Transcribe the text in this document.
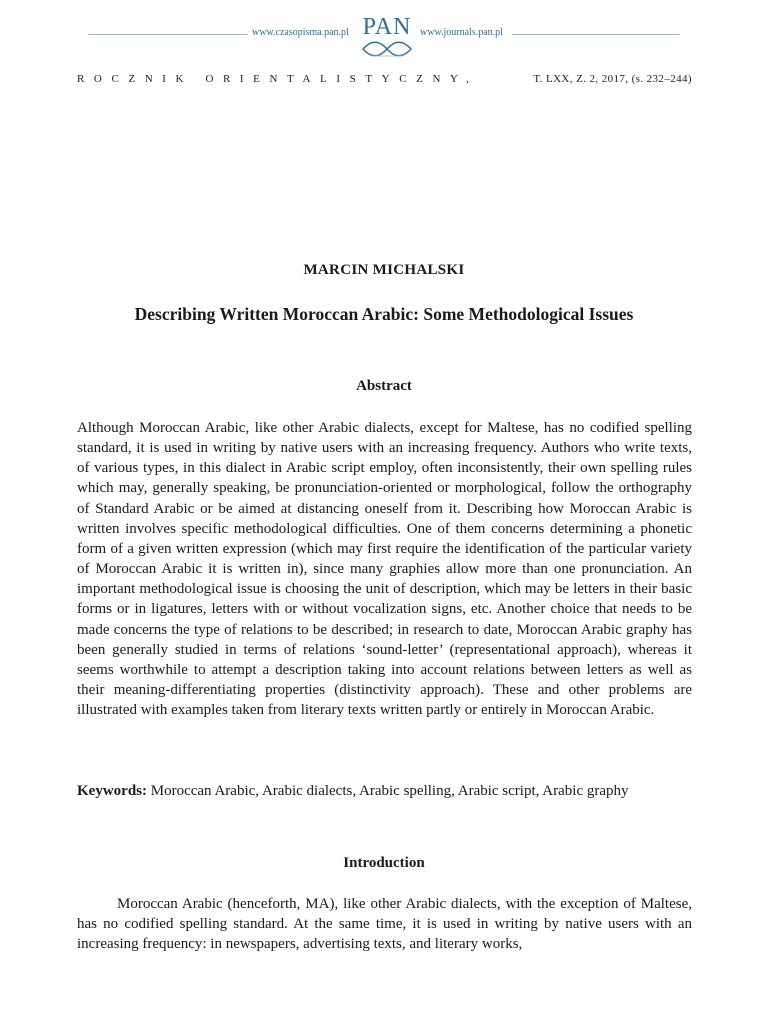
www.czasopisma.pan.pl PAN www.journals.pan.pl
ROCZNIK ORIENTALISTYCZNY,	T. LXX, Z. 2, 2017, (s. 232–244)
MARCIN MICHALSKI
Describing Written Moroccan Arabic: Some Methodological Issues
Abstract

Although Moroccan Arabic, like other Arabic dialects, except for Maltese, has no codified spelling standard, it is used in writing by native users with an increasing frequency. Authors who write texts, of various types, in this dialect in Arabic script employ, often inconsistently, their own spelling rules which may, generally speaking, be pronunciation-oriented or morphological, follow the orthography of Standard Arabic or be aimed at distancing oneself from it. Describing how Moroccan Arabic is written involves specific methodological difficulties. One of them concerns determining a phonetic form of a given written expression (which may first require the identification of the particular variety of Moroccan Arabic it is written in), since many graphies allow more than one pronunciation. An important methodological issue is choosing the unit of description, which may be letters in their basic forms or in ligatures, letters with or without vocalization signs, etc. Another choice that needs to be made concerns the type of relations to be described; in research to date, Moroccan Arabic graphy has been generally studied in terms of relations ‘sound-letter’ (representational approach), whereas it seems worthwhile to attempt a description taking into account relations between letters as well as their meaning-differentiating properties (distinctivity approach). These and other problems are illustrated with examples taken from literary texts written partly or entirely in Moroccan Arabic.

Keywords: Moroccan Arabic, Arabic dialects, Arabic spelling, Arabic script, Arabic graphy

Introduction

Moroccan Arabic (henceforth, MA), like other Arabic dialects, with the exception of Maltese, has no codified spelling standard. At the same time, it is used in writing by native users with an increasing frequency: in newspapers, advertising texts, and literary works,
